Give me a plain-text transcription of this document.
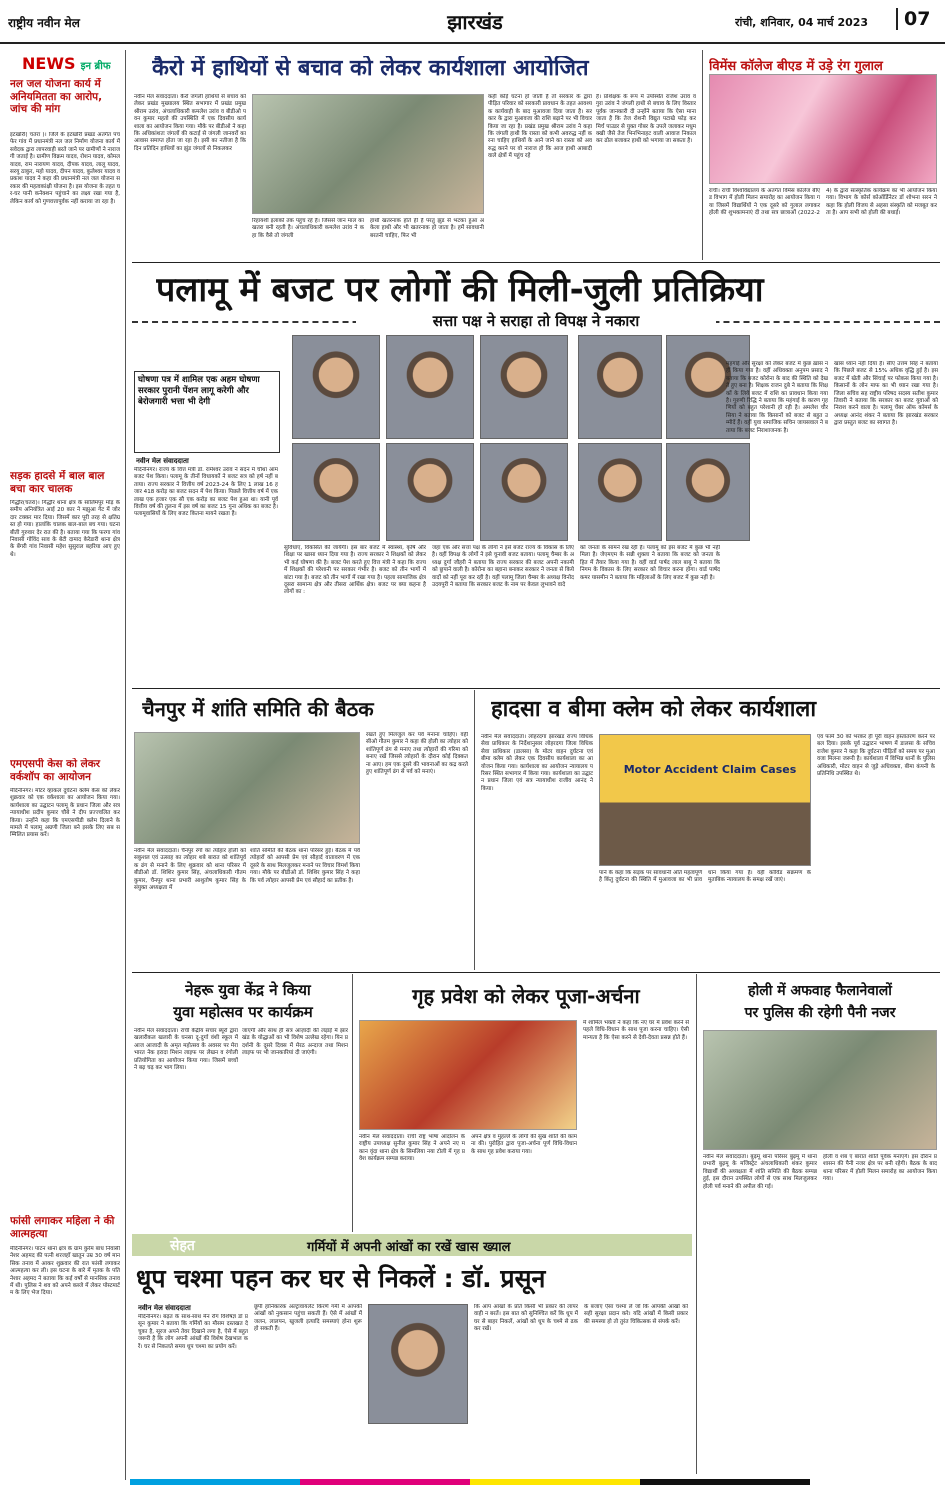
राष्ट्रीय नवीन मेल	झारखंड	रांची, शनिवार, 04 मार्च 2023	07
NEWS इन ब्रीफ
नल जल योजना कार्य में अनियमितता का आरोप, जांच की मांग
इटखोरी( चतरा )। जिले के इटखोरी प्रखंड अंतर्गत पचफेर गांव में प्रधानमंत्री नल जल निर्माण योजना कार्य में सवेदक द्वारा लापरवाही बरते जाने पर ग्रामीणों ने नाराजगी जताई है। ग्रामीण विक्रम यादव, रोशन यादव, कोमल यादव, राम नारायण यादव, दीपक यादव, लालू यादव, सरयु ठाकुर, महो यादव, दीपन यादव, कुलेश्वर यादव व प्रकाश यादव ने कहा की प्रधानमंत्री नल जल योजना सरकार की महत्वकांक्षी योजना है। इस योजना के तहत घर-घर पानी कनेक्शन पहुंचाने का लक्ष्य रखा गया है, लेकिन कार्य को गुणवत्तापूर्वक नहीं कराया जा रहा है।
सड़क हादसे में बाल बाल बचा कार चालक
गिद्धौर(चतरा)। गिद्धौर थाना क्षेत्र के सालिमपुर मोड़ के समीप अनियंत्रित आई 20 कार ने मझुआ गेट में जोरदार टक्कर मार दिया। जिसमें कार पूरी तरह से क्षतिग्रस्त हो गया। हालांकि चालक बाल-बाल बच गया। घटना बीती गुरुवार देर रात की है। बताया गया कि फरगा गांव निवासी गोविंद साव के बेटी दामाद केरेडारी थाना क्षेत्र के बेंगरी गांव निवासी महेश सुसुराल बहरिया आए हुए थे।
एमएसपी केस को लेकर वर्कशॉप का आयोजन
मेदिनीनगर। मोटर व्हाकल दुर्घटना क्लेम केस को लेकर शुक्रवार को एक वर्कशाला का आयोजन किया गया। कार्यशाला का उद्घाटन पलामू के प्रधान जिला और सत्र न्यायाधीश प्रदीप कुमार चौबे ने दीप प्रज्ज्वलित कर किया। उन्होंने कहा कि एमएसपीडी क्लेम दिलाने के मामले में पलामू अग्रणी जिला बने इसके लिए सब सम्मिलित प्रयास करें।
फांसी लगाकर महिला ने की आत्महत्या
मेदिनीनगर। पाटन थाना क्षेत्र के ग्राम कुरेम बांध निवासी नेशर अहमद की पत्नी शरजहाँ खातुन उम्र 30 वर्ष मानसिक तनाव में आकर शुक्रवार की रात फांसी लगाकर आत्महत्या कर ली। इस घटना के बारे में मृतक के पति नेशार अहमद ने बताया कि कई वर्षों से मानसिक तनाव में थी। पुलिस ने शव को अपने कब्जे में लेकर पोस्टमार्टम के लिए भेज दिया।
कैरो में हाथियों से बचाव को लेकर कार्यशाला आयोजित
नवीन मेल संवाददाता। कैरो जंगली हाथियों से बचाव को लेकर प्रखंड मुख्यालय स्थित सभागार में प्रखंड प्रमुख श्रीराम उरांव, अंचलाधिकारी कमलेश उरांव व बीडीओ पवन कुमार महतो की उपस्थिति में एक दिवसीय कार्यशाला का आयोजन किया गया। मौके पर बीडीओ ने कहा कि अधिकांशतः जंगलों की कटाई से जंगली जानवरों का आवास समाप्त होता जा रहा है। इसी का नतीजा है कि दिन प्रतिदिन हाथियों का झुंड जंगलों से निकलकर
रिहायशी इलाकों तक पहुंच रहे हैं। जिससे जान माल का खतरा बनी रहती है। अंचलाधिकारी कमलेश उरांव ने कहा कि वैसे तो जंगली
हाथी खतरनाक होते ही हैं परंतु झुंड से भटका हुआ अकेला हाथी और भी खतरनाक हो जाता है। हमें सावधानी बरतनी चाहिए, फिर भी
कहीं कोई घटना हो जाती है तो सरकार के द्वारा पीड़ित परिवार को सरकारी प्रावधान के तहत आवश्यक कार्यवाही के बाद मुआवजा दिया जाता है। सरकार के द्वारा मुआवजा की राशि बढ़ाने पर भी विचार किया जा रहा है। प्रखंड प्रमुख श्रीराम उरांव ने कहा कि जंगली हाथी कि रास्ता को कभी अवरुद्ध नहीं करना चाहिए हाथियों के आने जाने का रास्ता को अवरुद्ध करने पर वो नाराज हो कि आज हाथी आबादी वाले क्षेत्रों में पहुंच रहे
हैं। प्रशिक्षक के रूप में उपस्थित राजेश उरांव व गुरा उरांव ने जंगली हाथी से बचाव के लिए विस्तार पूर्वक जानकारी दी उन्होंने बताया कि ऐसा माना जाता है कि तेज रोशनी विद्युत पटाखे फोड़ कर मिर्च पाउडर से युक्त गोबर के उपले जलाकर मधुमक्खी जैसे तेज भिनभिनाहट वाली आवाज निकाल कर ढोल बजाकर हाथी को भगाया जा सकता है।
विमेंस कॉलेज बीएड में उड़े रंग गुलाल
रांची। रांची विश्वविद्यालय के अंतर्गत विमेंस कॉलेज बीएड विभाग में होली मिलन समारोह का आयोजन किया गया जिसमें विद्यार्थियों ने एक दूसरे को गुलाल लगाकर होली की शुभकामनाएं दी तथा सत्र छात्राओं (2022-24) के द्वारा सांस्कृतिक कार्यक्रम का भी आयोजन किया गया। विभाग के कोर्स कोऑर्डिनेटर डॉ शोभना सरन ने कहा कि होली विजय से अहसा संस्कृति को मजबूत करता है। आप सभी को होली की बधाई।
पलामू में बजट पर लोगों की मिली-जुली प्रतिक्रिया
सत्ता पक्ष ने सराहा तो विपक्ष ने नकारा
घोषणा पत्र में शामिल एक अहम घोषणा सरकार पुरानी पेंशन लागू करेगी और बेरोजगारी भत्ता भी देगी
नवीन मेल संवाददाता
मेदिनीनगर। राज्य के वित्त मंत्री डॉ. रामेश्वर उरांव ने सदन में चौथा आम बजट पेश किया। पलामू के तीनों विधायकों ने बजट सत्र को हर्ष नहीं बताया। राज्य सरकार ने वित्तीय वर्ष 2023-24 के लिए 1 लाख 16 हजार 418 करोड़ का बजट सदन में पेश किया। पिछले वित्तीय वर्ष में एक लाख एक हजार एक सौ एक करोड़ का बजट पेश हुआ था। यानी पूर्व वित्तीय वर्ष की तुलना में इस वर्ष का बजट 15 गुना अधिक का बजट है। पलामूवासियों के लिए बजट कितना मायने रखता है।
सुविधाएं, विकसित की जायेंगी। इस बार बजट में स्वास्थ्य, कृषि और शिक्षा पर खासा ध्यान दिया गया है। राज्य सरकार ने शिक्षकों को लेकर भी कई घोषणा की है। बजट पेश करते हुए वित्त मंत्री ने कहा कि राज्य में शिक्षकों की परेशानी पर सरकार गंभीर है। बजट को तीन भागों में बांटा गया है। बजट को तीन भागों में रखा गया है। पहला सामाजिक क्षेत्र दूसरा सामान्य क्षेत्र और तीसरा आर्थिक क्षेत्र। बजट पर क्या कहना है लोगों का :
जहां एक ओर सत्ता पक्ष के लोगों ने इसे बजट राज्य के विकास के लिए है। वहीं विपक्ष के लोगों ने इसे चुनावी बजट बताया। पलामू चैम्बर के अध्यक्ष दुर्गा जौहरी ने बताया कि राज्य सरकार की बजट अपनी नकामी को छुपाने वाली है। कोरोना का बहाना बनाकर सरकार ने जनता से किये वादों को नहीं पूरा कर रही है। वहीं पलामू जिला चैम्बर के अध्यक्ष विनोद उदयपुरी ने बताया कि सरकार बजट के नाम पर केवल लुभावने वादे
को जनता के सामने रख रही है। पलामू को इस बजट में कुछ भी नहीं मिला है। जेएमएम के सन्नी शुक्ला ने बताया कि बजट को जनता के हित में तैयार किया गया है। वहीं वार्ड पार्षद लाल बाबू ने बताया कि निगम के विकास के लिए सरकार को विचार करना होगा। वार्ड पार्षद कमर यासमीन ने बताया कि महिलाओं के लिए बजट में कुछ नहीं है।
महंगाई और सुरक्षा को लेकर बजट में कुछ ख़ास नहीं किया गया है। वहीं अधिवक्ता अनुपम प्रसाद ने बताया कि बजट कोरोना के बाद की स्थिति को देखते हुए बना है। शिक्षक राजन दुबे ने बताया कि शिक्षकों के लिये बजट में राशि का प्रावधान किया गया है। गुरुणी रिद्धि ने बताया कि महंगाई के कारण गृहणियों को बहुत परेशानी हो रही है। अमलेश चौरसिया ने बताया कि किसानों को बजट से बहुत उम्मीदें हैं। वहीं युवा समाजिक सचिन जायसवाल ने बताया कि बजट निराशाजनक है।
खास ध्यान नहीं दिया है। सीए उत्तम सिंह ने बताया कि पिछले बजट से 15% अधिक वृद्धि हुई है। इस बजट में खेती और सिंचाई पर फोकस किया गया है। किसानों के लोन माफ का भी ध्यान रखा गया है। जिला सचिव सह राष्ट्रीय परिषद सदस्य सतीश कुमार तिवारी ने बताया कि सरकार का बजट युवाओं को निराश करने वाला है। पलामू चेंबर ऑफ कॉमर्स के अध्यक्ष आनंद शंकर ने बताया कि झारखंड सरकार द्वारा प्रस्तुत बजट का स्वागत है।
चैनपुर में शांति समिति की बैठक
नवीन मेल संवाददाता। चैनपुर रंगों का त्योहार होली को सकुशल एवं उत्साह का त्योहार शबे बारात को शांतिपूर्वक ढंग से मनाने के लिए शुक्रवार को थाना परिसर में बीडीओ डॉ. शिशिर कुमार सिंह, अंचलाधिकारी गौतम कुमार, चैनपुर थाना प्रभारी आशुतोष कुमार सिंह के संयुक्त अध्यक्षता में
शांति समिति की बैठक थाना परिसर हुई। बैठक में पर्व त्योहारों को आपसी प्रेम एवं सौहार्द वातावरण में एक दूसरे के साथ मिलजुलकर मनाने पर विचार विमर्श किया गया। मौके पर बीडीओ डॉ. शिशिर कुमार सिंह ने कहा कि पर्व त्योहार आपसी प्रेम एवं सौहार्द का प्रतीक है।
रखते हुए मिलजुल कर पर्व मनाना चाहिए। वहीं सीओ गौतम कुमार ने कहा की होली का त्योहार को शांतिपूर्ण ढंग से मनाए तथा त्योहारों की गरिमा को बनाए रखें जिससे त्योहारों के दौरान कोई दिक्कत ना आए। हम एक दूसरे की भावनाओं का कद्र करते हुए शांतिपूर्ण ढंग से पर्व को मनाएं।
हादसा व बीमा क्लेम को लेकर कार्यशाला
नवीन मेल संवाददाता। लोहरदगा झारखंड राज्य विधिक सेवा प्राधिकार के निर्देशानुसार लोहरदगा जिला विधिक सेवा प्राधिकार (डालसा) के मोटर वाहन दुर्घटना एवं बीमा क्लेम को लेकर एक दिवसीय कार्यशाला का आयोजन किया गया। कार्यशाला का आयोजन न्यायालय परिसर स्थित सभागार में किया गया। कार्यशाला का उद्घाटन प्रधान जिला एवं सत्र न्यायाधीश राजीव आनंद ने किया।
Motor Accident Claim Cases
पाने के कहा कि सड़क पर सावधानी अति महत्वपूर्ण है किंतु दुर्घटना की स्थिति में मुआवजा का भी प्रावधान किया गया है। वहीं कोविड संक्रमण के मुताबिक न्यायालय के समक्ष रखें जाएं।
एवं फार्म 30 को भरकर ही पूरी वाहन हस्तांतरण करने पर बल दिया। इसके पूर्व उद्घाटन भाषण में डालसा के सचिव राजेश कुमार ने कहा कि दुर्घटना पीड़ितों को समय पर मुआवजा मिलना जरूरी है। कार्यशाला में विभिन्न थानों के पुलिस अधिकारी, मोटर वाहन से जुड़े अधिवक्ता, बीमा कंपनी के प्रतिनिधि उपस्थित थे।
नेहरू युवा केंद्र ने किया
युवा महोत्सव पर कार्यक्रम
नवीन मेल संवाददाता। रांची केंद्रीय संचार ब्यूरो द्वारा खलारीकल खलारी के घनसा दू-दुर्गा वंशी स्कूल में आज आजादी के अमृत महोत्सव के अवसर पर मेरा भारत नेक इरादा मिशन लाइफ पर लेखन व रंगोली प्रतियोगिता का आयोजन किया गया। जिसमें बच्चों ने बढ़ चढ़ कर भाग लिया।
जाएगी और साथ ही सत्र आज़ादी की लड़ाई में झारखंड के योद्धाओं का भी विशेष उल्लेख रहेगा। यिन प्रदर्शनी के दूसरे दिवस में मेरठ अन्दाज तथा मिशन लाइफ पर भी जानकारियां दी जाएंगी।
गृह प्रवेश को लेकर पूजा-अर्चना
नवीन मेल संवाददाता। रांची राष्ट्र भाषा आंदोलन के राष्ट्रीय उपाध्यक्ष सुनील कुमार सिंह ने अपने नए मकान वृंदा थाना क्षेत्र के सिमलिया नया टोली में गृह प्रवेश कार्यक्रम सम्पन्न कराया।
अपने क्षेत्र व मुहल्ले के लोगों की सुख शांति की कामना की। पुरोहित द्वारा पूजा-अर्चना पूर्ण विधि-विधान के साथ गृह प्रवेश कराया गया।
में शामिल भक्तों ने कहा कि नए घर में प्रवेश करने से पहले विधि-विधान के साथ पूजा करना चाहिए। ऐसी मान्यता है कि ऐसा करने से देवी-देवता प्रसन्न होते हैं।
होली में अफवाह फैलानेवालों
पर पुलिस की रहेगी पैनी नजर
नवीन मेल संवाददाता। बुढ़मू थाना परिसर बुढ़मू में थाना प्रभारी बुढ़मू के मजिस्ट्रेट अंचलाधिकारी शंकर कुमार विद्यार्थी की अध्यक्षता में शांति समिति की बैठक सम्पन्न हुई, इस दौरान उपस्थित लोगों से एक साथ मिलजुलकर होली पर्व मनाने की अपील की गई।
होली व शब ए बारात शांति पूर्वक मनाएंगे। इस दौरान प्रशासन की पैनी नजर क्षेत्र पर बनी रहेगी। बैठक के बाद थाना परिसर में होली मिलन समारोह का आयोजन किया गया।
सेहत	गर्मियों में अपनी आंखों का रखें खास ख्याल
धूप चश्मा पहन कर घर से निकलें : डॉ. प्रसून
नवीन मेल संवाददाता
मेदिनीनगर। बढ़त के साथ-साथ मेन रोग विशेषज्ञ डॉ प्रसून कुमार ने बताया कि गर्मियों का मौसम दस्तखत दे चुका है, सूरज अपने तेवर दिखाने लगा है, ऐसे में बहुत जरूरी है कि लोग अपनी आंखों की विशेष देखभाल करें। घर से निकलते समय धूप चश्मा का प्रयोग करें।
छूपी हानिकारक अल्ट्रावायलेट किरणें गर्मी में आपकी आंखों को नुकसान पहुंचा सकती हैं। ऐसे में आंखों में जलन, लालपन, खुजली इत्यादि समस्याएं होना शुरू हो सकती हैं।
कि आप आंखों के प्रति किसी भी प्रकार की लापरवाही न बरतें। इस बात को सुनिश्चित करें कि धूप में घर से बाहर निकलें, आंखों को धूप के चश्मे से ढक कर रखें।
के बजाए ऐसा चश्मा लें जो कि आपकी आंखों को सही सुरक्षा प्रदान करे। यदि आंखों में किसी प्रकार की समस्या हो तो तुरंत चिकित्सक से संपर्क करें।
